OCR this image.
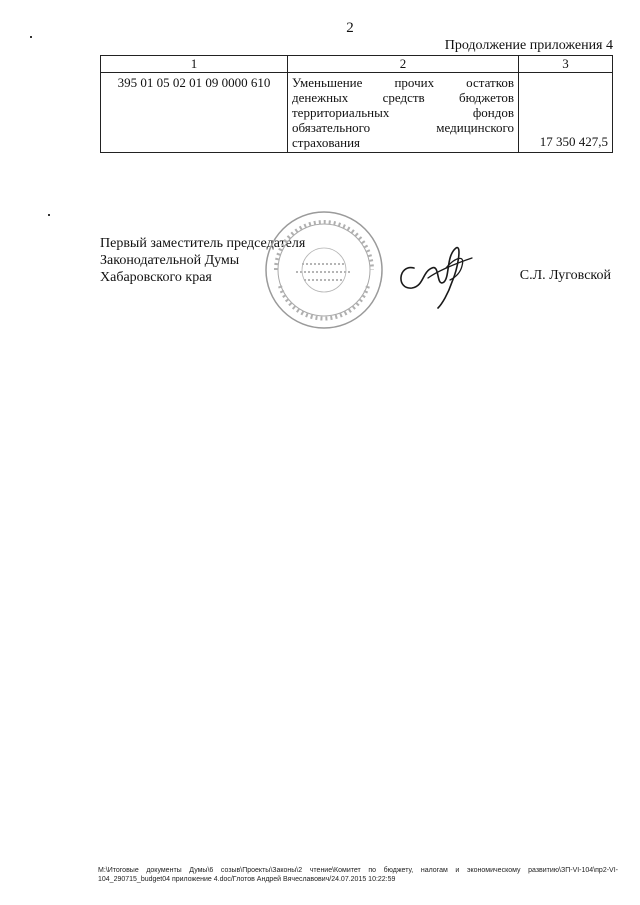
2
Продолжение приложения 4
1	2	3
395 01 05 02 01 09 0000 610	Уменьшение прочих остатков
денежных средств бюджетов
территориальных фондов
обязательного медицинского
страхования	17 350 427,5
Первый заместитель председателя
Законодательной Думы
Хабаровского края	С.Л. Луговской
M:\Итоговые документы Думы\6 созыв\Проекты\Законы\2 чтение\Комитет по бюджету, налогам и экономическому развитию\ЗП-VI-104\пр2-VI-104_290715_budget04 приложение 4.doc/Глотов Андрей Вячеславович/24.07.2015 10:22:59
